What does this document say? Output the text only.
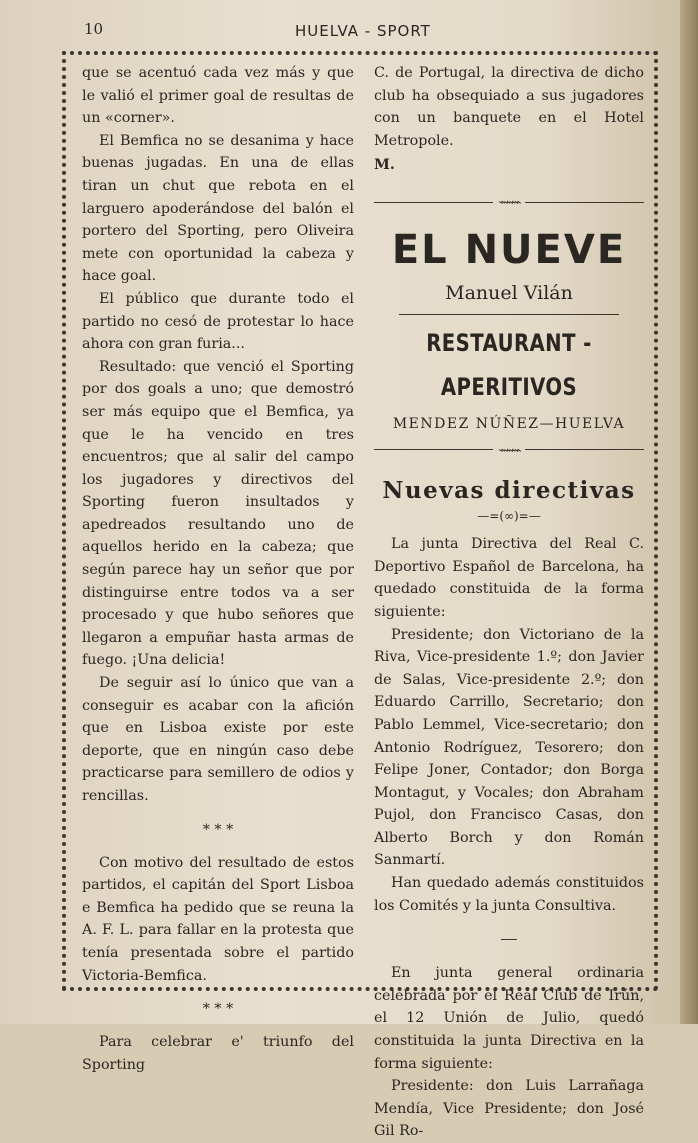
10	HUELVA - SPORT

que se acentuó cada vez más y que le valió el primer goal de resultas de un «corner».

El Bemfica no se desanima y hace buenas jugadas. En una de ellas tiran un chut que rebota en el larguero apoderándose del balón el portero del Sporting, pero Oliveira mete con oportunidad la cabeza y hace goal.

El público que durante todo el partido no cesó de protestar lo hace ahora con gran furia...

Resultado: que venció el Sporting por dos goals a uno; que demostró ser más equipo que el Bemfica, ya que le ha vencido en tres encuentros; que al salir del campo los jugadores y directivos del Sporting fueron insultados y apedreados resultando uno de aquellos herido en la cabeza; que según parece hay un señor que por distinguirse entre todos va a ser procesado y que hubo señores que llegaron a empuñar hasta armas de fuego. ¡Una delicia!

De seguir así lo único que van a conseguir es acabar con la afición que en Lisboa existe por este deporte, que en ningún caso debe practicarse para semillero de odios y rencillas.

* * *

Con motivo del resultado de estos partidos, el capitán del Sport Lisboa e Bemfica ha pedido que se reuna la A. F. L. para fallar en la protesta que tenía presentada sobre el partido Victoria-Bemfica.

* * *

Para celebrar e' triunfo del Sporting

C. de Portugal, la directiva de dicho club ha obsequiado a sus jugadores con un banquete en el Hotel Metropole.

M.

⌁⌁⌁⌁
EL NUEVE
Manuel Vilán
RESTAURANT - APERITIVOS
MENDEZ NÚÑEZ—HUELVA
⌁⌁⌁⌁
Nuevas directivas
—=(∞)=—

La junta Directiva del Real C. Deportivo Español de Barcelona, ha quedado constituida de la forma siguiente:

Presidente; don Victoriano de la Riva, Vice-presidente 1.º; don Javier de Salas, Vice-presidente 2.º; don Eduardo Carrillo, Secretario; don Pablo Lemmel, Vice-secretario; don Antonio Rodríguez, Tesorero; don Felipe Joner, Contador; don Borga Montagut, y Vocales; don Abraham Pujol, don Francisco Casas, don Alberto Borch y don Román Sanmartí.

Han quedado además constituidos los Comités y la junta Consultiva.

En junta general ordinaria celebrada por el Real Club de Irún, el 12 Unión de Julio, quedó constituida la junta Directiva en la forma siguiente:

Presidente: don Luis Larrañaga Mendía, Vice Presidente; don José Gil Ro-
